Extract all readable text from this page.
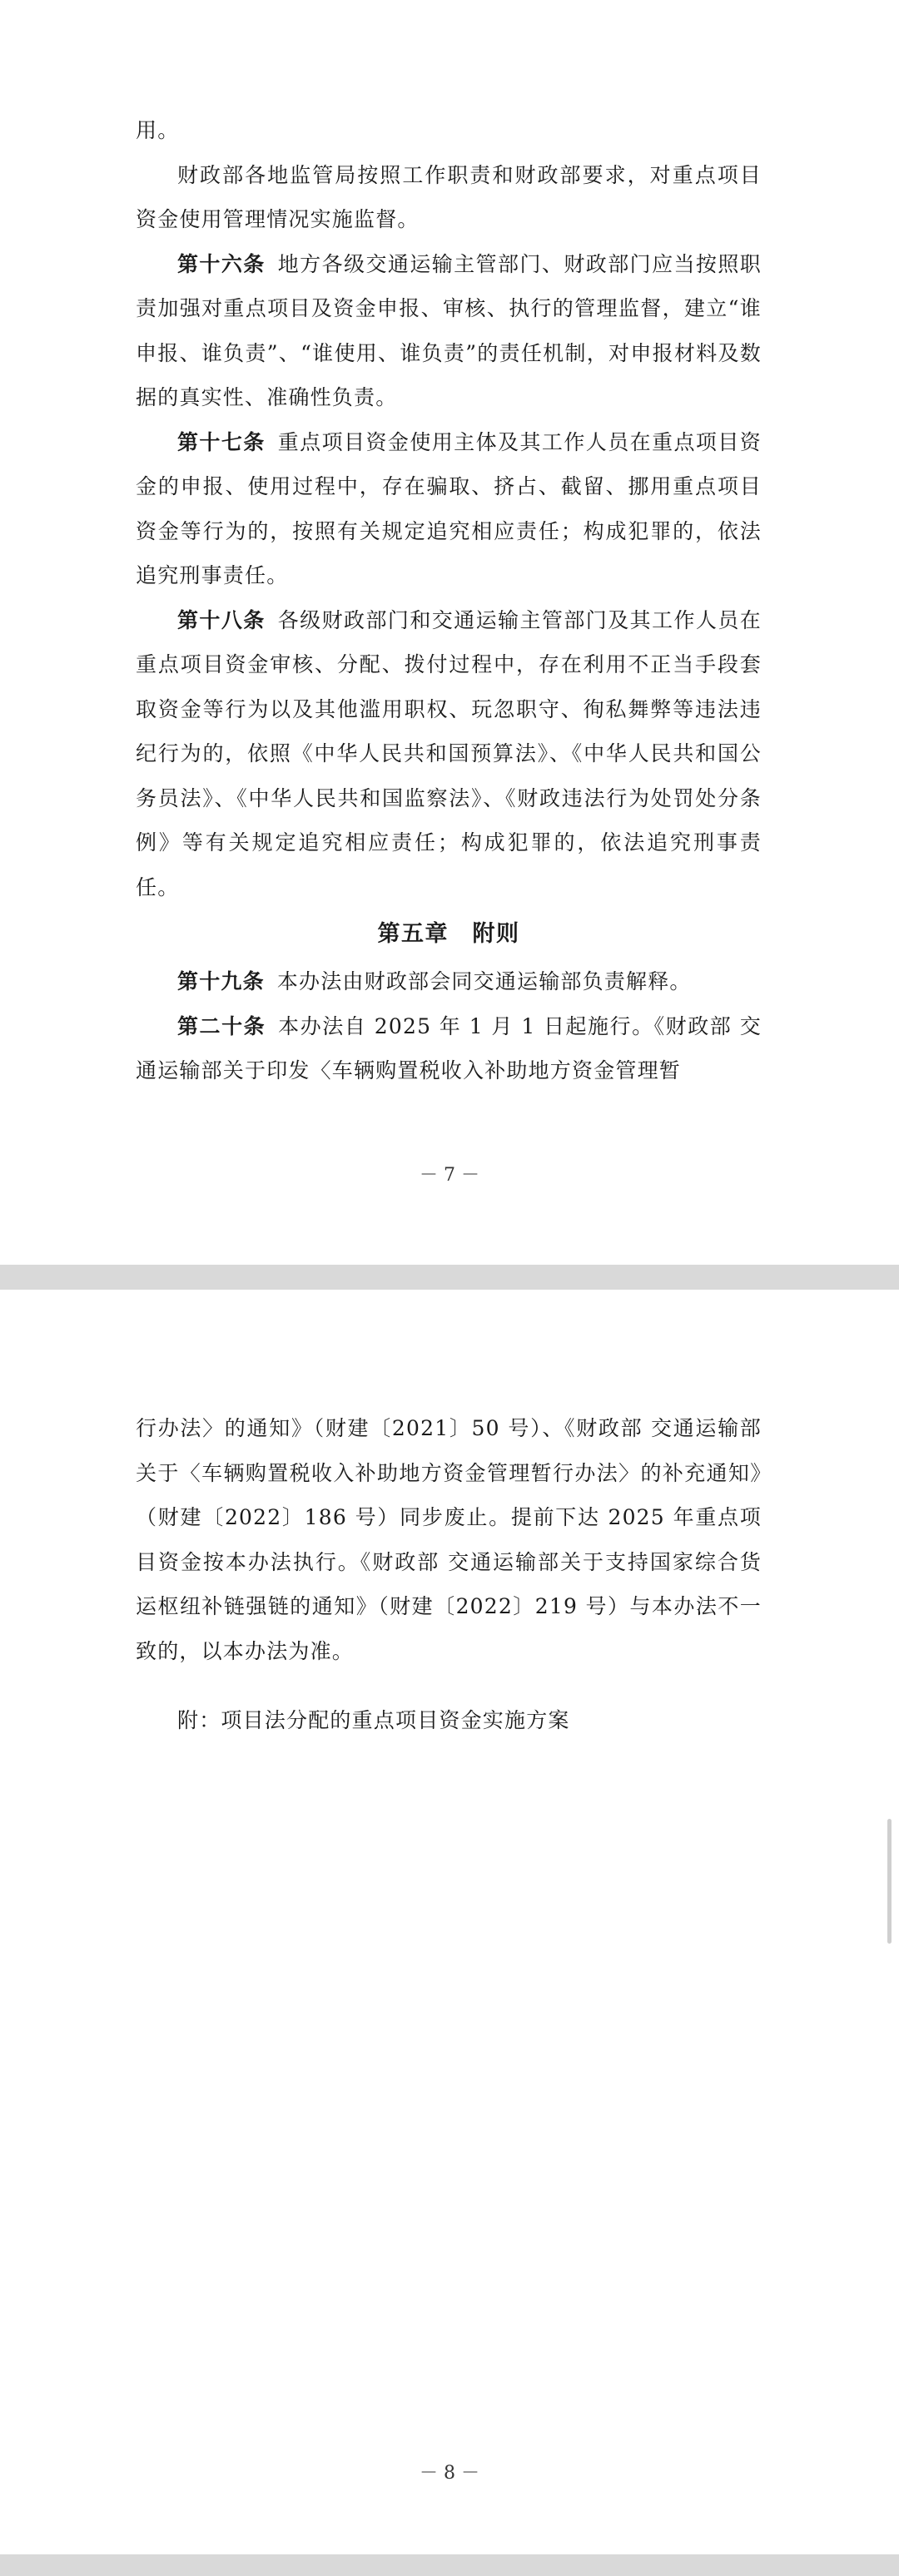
用。

财政部各地监管局按照工作职责和财政部要求，对重点项目资金使用管理情况实施监督。

第十六条 地方各级交通运输主管部门、财政部门应当按照职责加强对重点项目及资金申报、审核、执行的管理监督，建立“谁申报、谁负责”、“谁使用、谁负责”的责任机制，对申报材料及数据的真实性、准确性负责。

第十七条 重点项目资金使用主体及其工作人员在重点项目资金的申报、使用过程中，存在骗取、挤占、截留、挪用重点项目资金等行为的，按照有关规定追究相应责任；构成犯罪的，依法追究刑事责任。

第十八条 各级财政部门和交通运输主管部门及其工作人员在重点项目资金审核、分配、拨付过程中，存在利用不正当手段套取资金等行为以及其他滥用职权、玩忽职守、徇私舞弊等违法违纪行为的，依照《中华人民共和国预算法》、《中华人民共和国公务员法》、《中华人民共和国监察法》、《财政违法行为处罚处分条例》等有关规定追究相应责任；构成犯罪的，依法追究刑事责任。

第五章　附则

第十九条 本办法由财政部会同交通运输部负责解释。

第二十条 本办法自 2025 年 1 月 1 日起施行。《财政部 交通运输部关于印发〈车辆购置税收入补助地方资金管理暂

－ 7 －

行办法〉的通知》（财建〔2021〕50 号）、《财政部 交通运输部关于〈车辆购置税收入补助地方资金管理暂行办法〉的补充通知》（财建〔2022〕186 号）同步废止。提前下达 2025 年重点项目资金按本办法执行。《财政部 交通运输部关于支持国家综合货运枢纽补链强链的通知》（财建〔2022〕219 号）与本办法不一致的，以本办法为准。

附：项目法分配的重点项目资金实施方案

－ 8 －
